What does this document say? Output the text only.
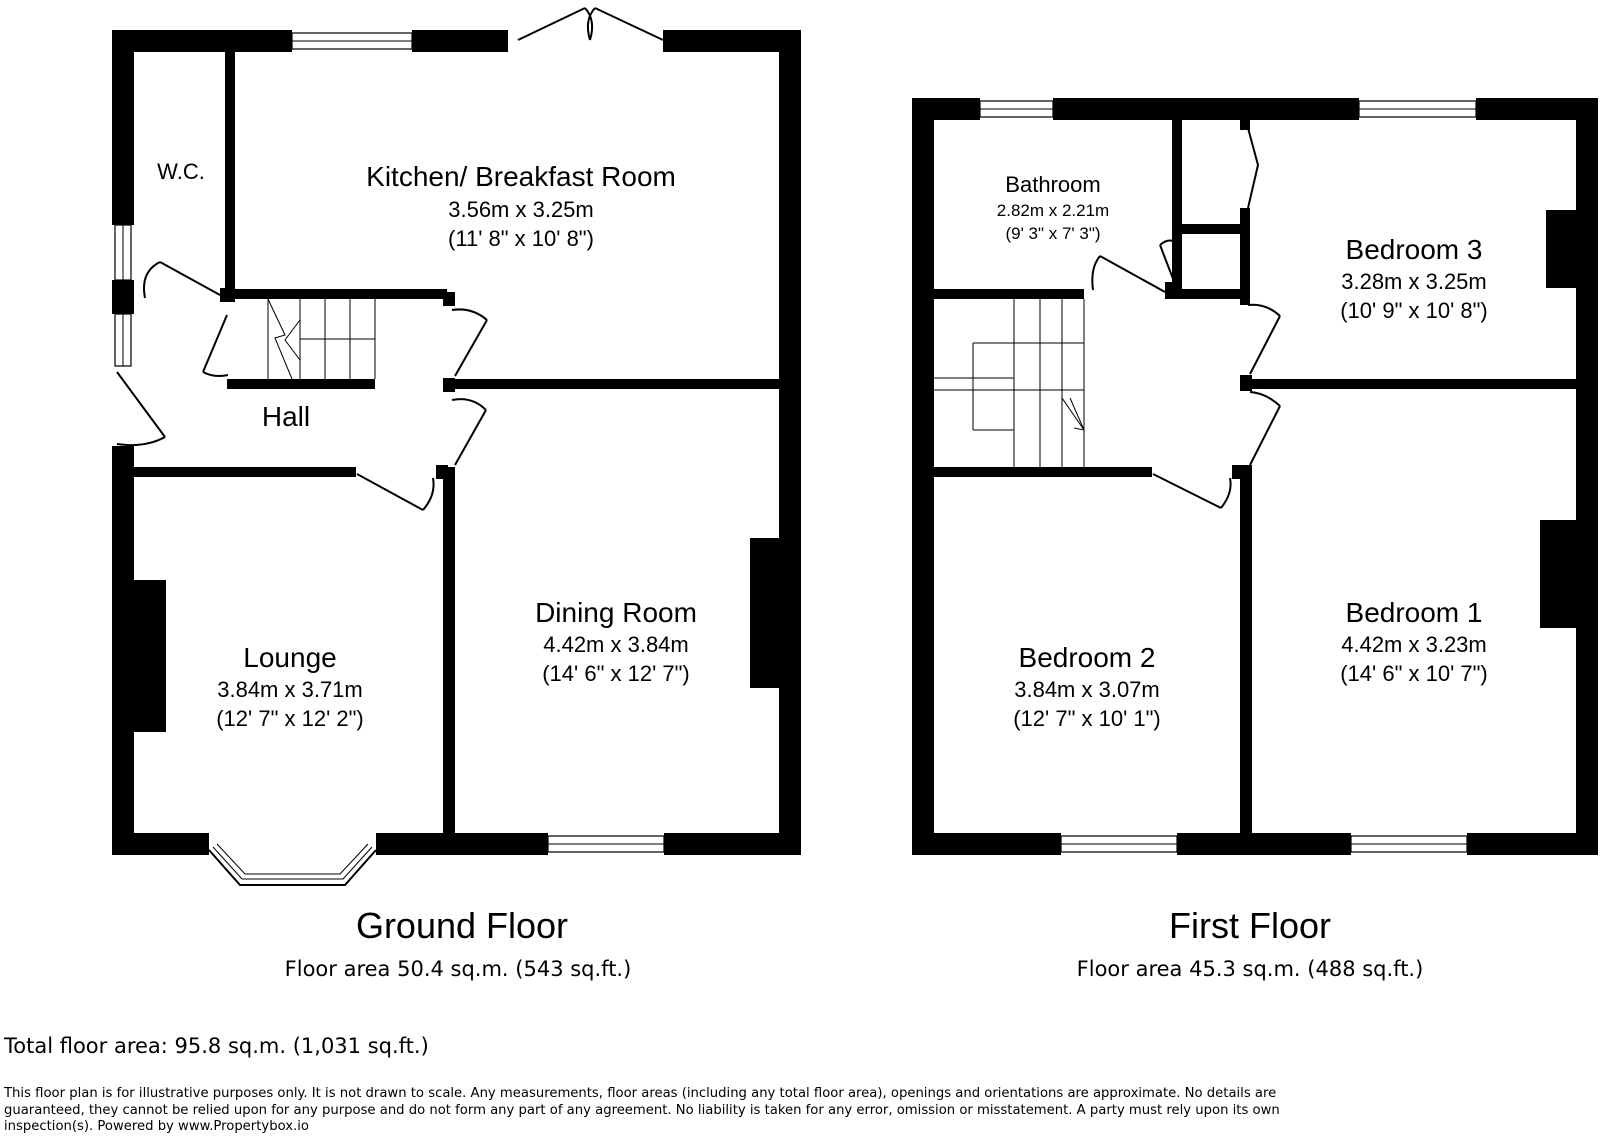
W.C.	Kitchen/ Breakfast Room
3.56m x 3.25m
(11' 8" x 10' 8")
Hall
Lounge
3.84m x 3.71m
(12' 7" x 12' 2")
Dining Room
4.42m x 3.84m
(14' 6" x 12' 7")
Ground Floor
Floor area 50.4 sq.m. (543 sq.ft.)
Bathroom
2.82m x 2.21m
(9' 3" x 7' 3")
Bedroom 3
3.28m x 3.25m
(10' 9" x 10' 8")
Bedroom 2
3.84m x 3.07m
(12' 7" x 10' 1")
Bedroom 1
4.42m x 3.23m
(14' 6" x 10' 7")
First Floor
Floor area 45.3 sq.m. (488 sq.ft.)
Total floor area: 95.8 sq.m. (1,031 sq.ft.)
This floor plan is for illustrative purposes only. It is not drawn to scale. Any measurements, floor areas (including any total floor area), openings and orientations are approximate. No details are guaranteed, they cannot be relied upon for any purpose and do not form any part of any agreement. No liability is taken for any error, omission or misstatement. A party must rely upon its own inspection(s). Powered by www.Propertybox.io
